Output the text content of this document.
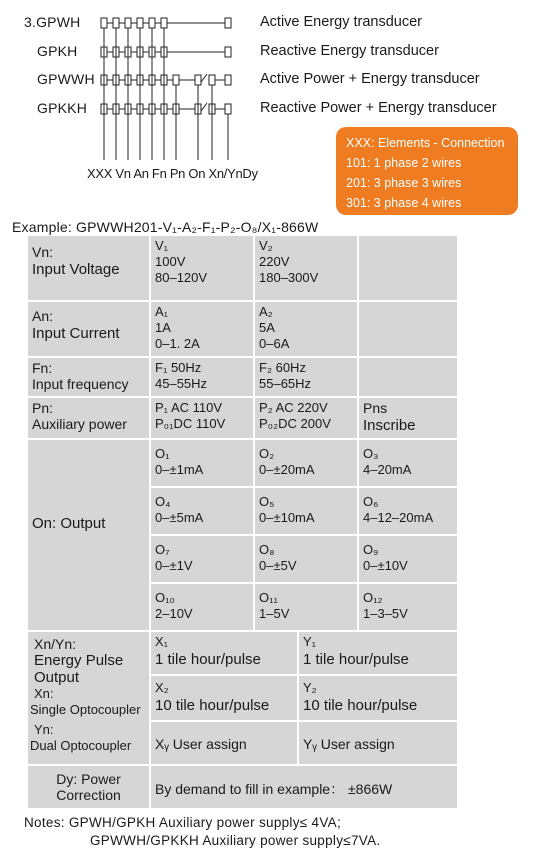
3.GPWH
GPKH
GPWWH
GPKKH
Active Energy transducer
Reactive Energy transducer
Active Power + Energy transducer
Reactive Power + Energy transducer
XXX Vn An Fn Pn On Xn/YnDy
XXX: Elements - Connection
101: 1 phase 2 wires
201: 3 phase 3 wires
301: 3 phase 4 wires
Example: GPWWH201-V₁-A₂-F₁-P₂-O₈/X₁-866W
Vn:
Input Voltage
V₁
100V
80–120V
V₂
220V
180–300V
An:
Input Current
A₁
1A
0–1. 2A
A₂
5A
0–6A
Fn:
Input frequency
F₁ 50Hz
45–55Hz
F₂ 60Hz
55–65Hz
Pn:
Auxiliary power
P₁ AC 110V
P₀₁DC 110V
P₂ AC 220V
P₀₂DC 200V
Pns
Inscribe
On: Output
O₁
0–±1mA
O₂
0–±20mA
O₃
4–20mA
O₄
0–±5mA
O₅
0–±10mA
O₆
4–12–20mA
O₇
0–±1V
O₈
0–±5V
O₉
0–±10V
O₁₀
2–10V
O₁₁
1–5V
O₁₂
1–3–5V
Xn/Yn:
Energy Pulse
Output
Xn:
Single Optocoupler
Yn:
Dual Optocoupler
X₁
1 tile hour/pulse
Y₁
1 tile hour/pulse
X₂
10 tile hour/pulse
Y₂
10 tile hour/pulse
Xᵧ User assign	Yᵧ User assign
Dy: Power
Correction	By demand to fill in example： ±866W
Notes: GPWH/GPKH Auxiliary power supply≤ 4VA;
GPWWH/GPKKH Auxiliary power supply≤7VA.
